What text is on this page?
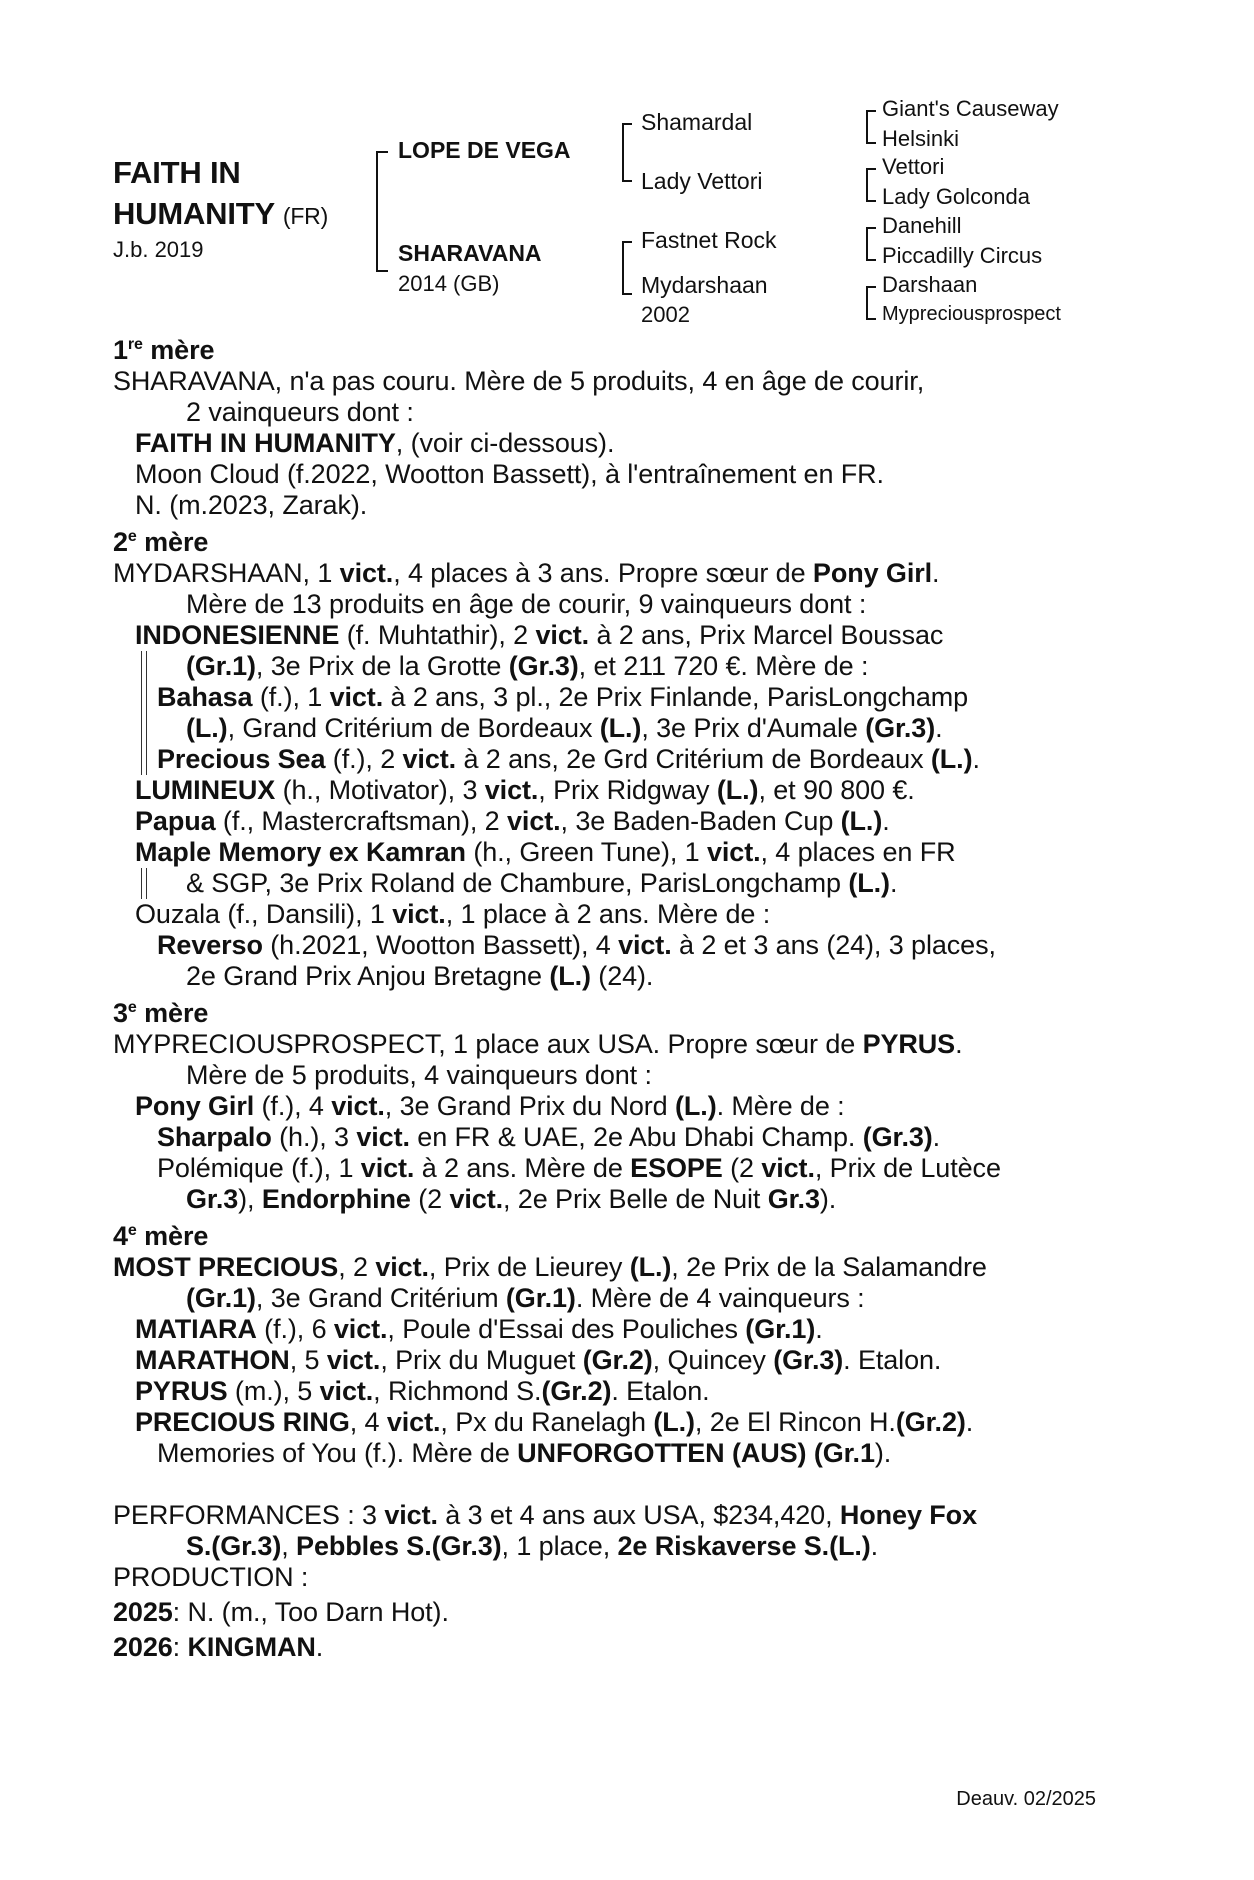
FAITH IN
HUMANITY (FR)
J.b. 2019
LOPE DE VEGA
SHARAVANA
2014 (GB)
Shamardal
Lady Vettori
Fastnet Rock
Mydarshaan
2002
Giant's Causeway
Helsinki
Vettori
Lady Golconda
Danehill
Piccadilly Circus
Darshaan
Mypreciousprospect
1re mère
SHARAVANA, n'a pas couru. Mère de 5 produits, 4 en âge de courir,
2 vainqueurs dont :
FAITH IN HUMANITY, (voir ci-dessous).
Moon Cloud (f.2022, Wootton Bassett), à l'entraînement en FR.
N. (m.2023, Zarak).
2e mère
MYDARSHAAN, 1 vict., 4 places à 3 ans. Propre sœur de Pony Girl.
Mère de 13 produits en âge de courir, 9 vainqueurs dont :
INDONESIENNE (f. Muhtathir), 2 vict. à 2 ans, Prix Marcel Boussac
(Gr.1), 3e Prix de la Grotte (Gr.3), et 211 720 €. Mère de :
Bahasa (f.), 1 vict. à 2 ans, 3 pl., 2e Prix Finlande, ParisLongchamp
(L.), Grand Critérium de Bordeaux (L.), 3e Prix d'Aumale (Gr.3).
Precious Sea (f.), 2 vict. à 2 ans, 2e Grd Critérium de Bordeaux (L.).
LUMINEUX (h., Motivator), 3 vict., Prix Ridgway (L.), et 90 800 €.
Papua (f., Mastercraftsman), 2 vict., 3e Baden-Baden Cup (L.).
Maple Memory ex Kamran (h., Green Tune), 1 vict., 4 places en FR
& SGP, 3e Prix Roland de Chambure, ParisLongchamp (L.).
Ouzala (f., Dansili), 1 vict., 1 place à 2 ans. Mère de :
Reverso (h.2021, Wootton Bassett), 4 vict. à 2 et 3 ans (24), 3 places,
2e Grand Prix Anjou Bretagne (L.) (24).
3e mère
MYPRECIOUSPROSPECT, 1 place aux USA. Propre sœur de PYRUS.
Mère de 5 produits, 4 vainqueurs dont :
Pony Girl (f.), 4 vict., 3e Grand Prix du Nord (L.). Mère de :
Sharpalo (h.), 3 vict. en FR & UAE, 2e Abu Dhabi Champ. (Gr.3).
Polémique (f.), 1 vict. à 2 ans. Mère de ESOPE (2 vict., Prix de Lutèce
Gr.3), Endorphine (2 vict., 2e Prix Belle de Nuit Gr.3).
4e mère
MOST PRECIOUS, 2 vict., Prix de Lieurey (L.), 2e Prix de la Salamandre
(Gr.1), 3e Grand Critérium (Gr.1). Mère de 4 vainqueurs :
MATIARA (f.), 6 vict., Poule d'Essai des Pouliches (Gr.1).
MARATHON, 5 vict., Prix du Muguet (Gr.2), Quincey (Gr.3). Etalon.
PYRUS (m.), 5 vict., Richmond S.(Gr.2). Etalon.
PRECIOUS RING, 4 vict., Px du Ranelagh (L.), 2e El Rincon H.(Gr.2).
Memories of You (f.). Mère de UNFORGOTTEN (AUS) (Gr.1).
PERFORMANCES : 3 vict. à 3 et 4 ans aux USA, $234,420, Honey Fox
S.(Gr.3), Pebbles S.(Gr.3), 1 place, 2e Riskaverse S.(L.).
PRODUCTION :
2025: N. (m., Too Darn Hot).
2026: KINGMAN.
Deauv. 02/2025
